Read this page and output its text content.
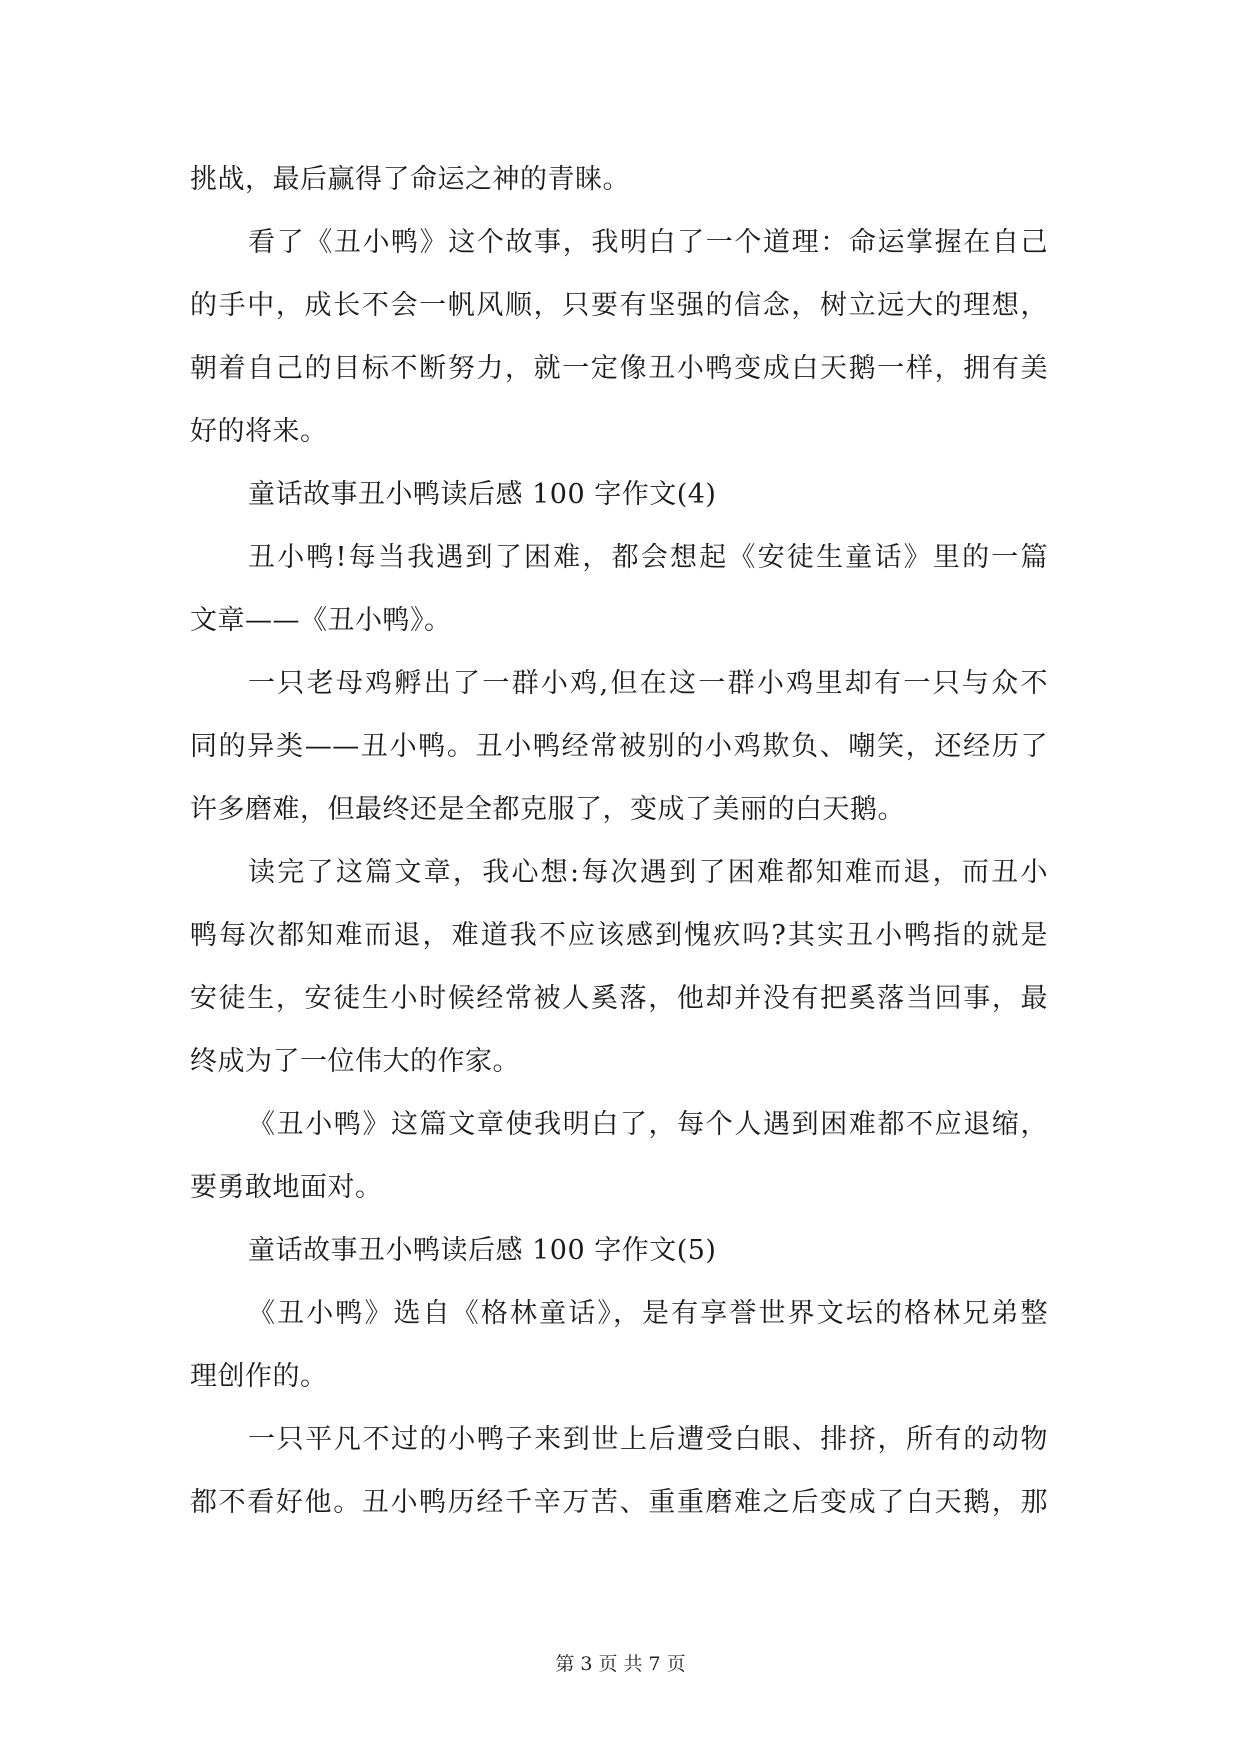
挑战，最后赢得了命运之神的青睐。
看了《丑小鸭》这个故事，我明白了一个道理：命运掌握在自己
的手中，成长不会一帆风顺，只要有坚强的信念，树立远大的理想，
朝着自己的目标不断努力，就一定像丑小鸭变成白天鹅一样，拥有美
好的将来。
童话故事丑小鸭读后感 100 字作文(4)
丑小鸭!每当我遇到了困难，都会想起《安徒生童话》里的一篇
文章——《丑小鸭》。
一只老母鸡孵出了一群小鸡,但在这一群小鸡里却有一只与众不
同的异类——丑小鸭。丑小鸭经常被别的小鸡欺负、嘲笑，还经历了
许多磨难，但最终还是全都克服了，变成了美丽的白天鹅。
读完了这篇文章，我心想:每次遇到了困难都知难而退，而丑小
鸭每次都知难而退，难道我不应该感到愧疚吗?其实丑小鸭指的就是
安徒生，安徒生小时候经常被人奚落，他却并没有把奚落当回事，最
终成为了一位伟大的作家。
《丑小鸭》这篇文章使我明白了，每个人遇到困难都不应退缩，
要勇敢地面对。
童话故事丑小鸭读后感 100 字作文(5)
《丑小鸭》选自《格林童话》，是有享誉世界文坛的格林兄弟整
理创作的。
一只平凡不过的小鸭子来到世上后遭受白眼、排挤，所有的动物
都不看好他。丑小鸭历经千辛万苦、重重磨难之后变成了白天鹅，那
第 3 页 共 7 页
